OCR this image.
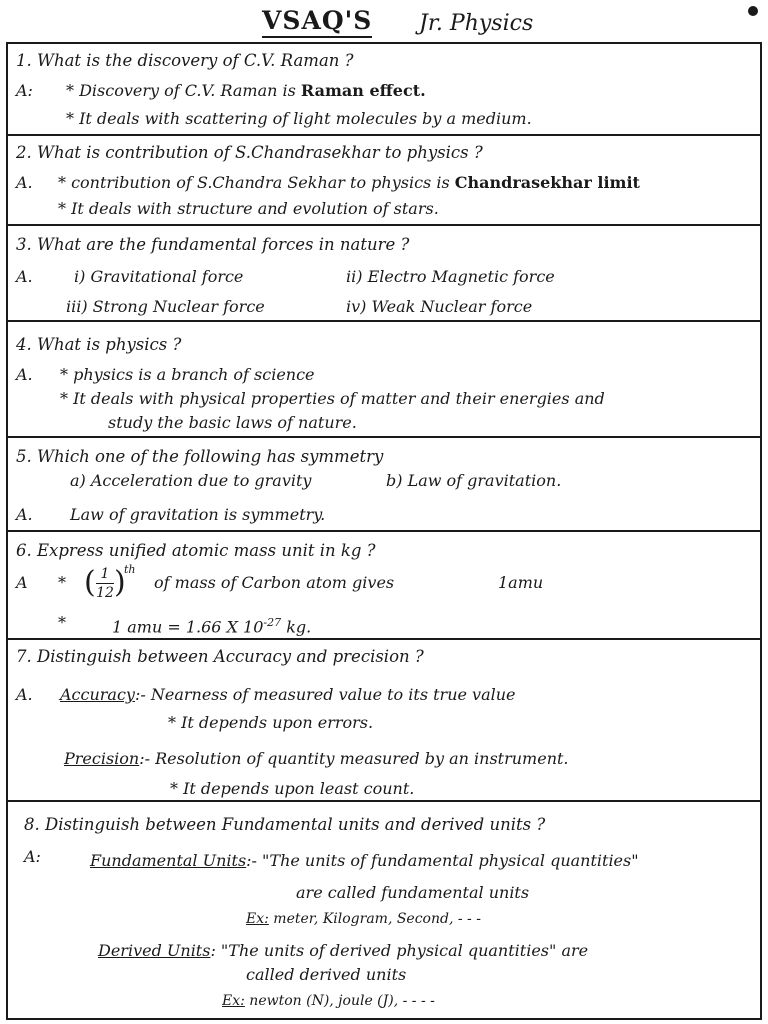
VSAQ'S Jr. Physics
1. What is the discovery of C.V. Raman ?
A: * Discovery of C.V. Raman is Raman effect.
* It deals with scattering of light molecules by a medium.
2. What is contribution of S.Chandrasekhar to physics ?
A. * contribution of S.Chandra Sekhar to physics is Chandrasekhar limit
* It deals with structure and evolution of stars.
3. What are the fundamental forces in nature ?
A.	i) Gravitational force	ii) Electro Magnetic force
iii) Strong Nuclear force	iv) Weak Nuclear force
4. What is physics ?
A. * physics is a branch of science
* It deals with physical properties of matter and their energies and
study the basic laws of nature.
5. Which one of the following has symmetry
a) Acceleration due to gravity	b) Law of gravitation.
A. Law of gravitation is symmetry.
6. Express unified atomic mass unit in kg ?
A * ( 1
12 )
th
of mass of Carbon atom gives	1amu
*	1 amu = 1.66 X $10^{-27}$ kg.
7. Distinguish between Accuracy and precision ?
A. Accuracy:- Nearness of measured value to its true value
* It depends upon errors.
Precision:- Resolution of quantity measured by an instrument.
* It depends upon least count.
8. Distinguish between Fundamental units and derived units ?
A:	Fundamental Units:- "The units of fundamental physical quantities"
are called fundamental units
Ex: meter, Kilogram, Second, - - -
Derived Units: "The units of derived physical quantities" are
called derived units
Ex: newton (N), joule (J), - - - -
